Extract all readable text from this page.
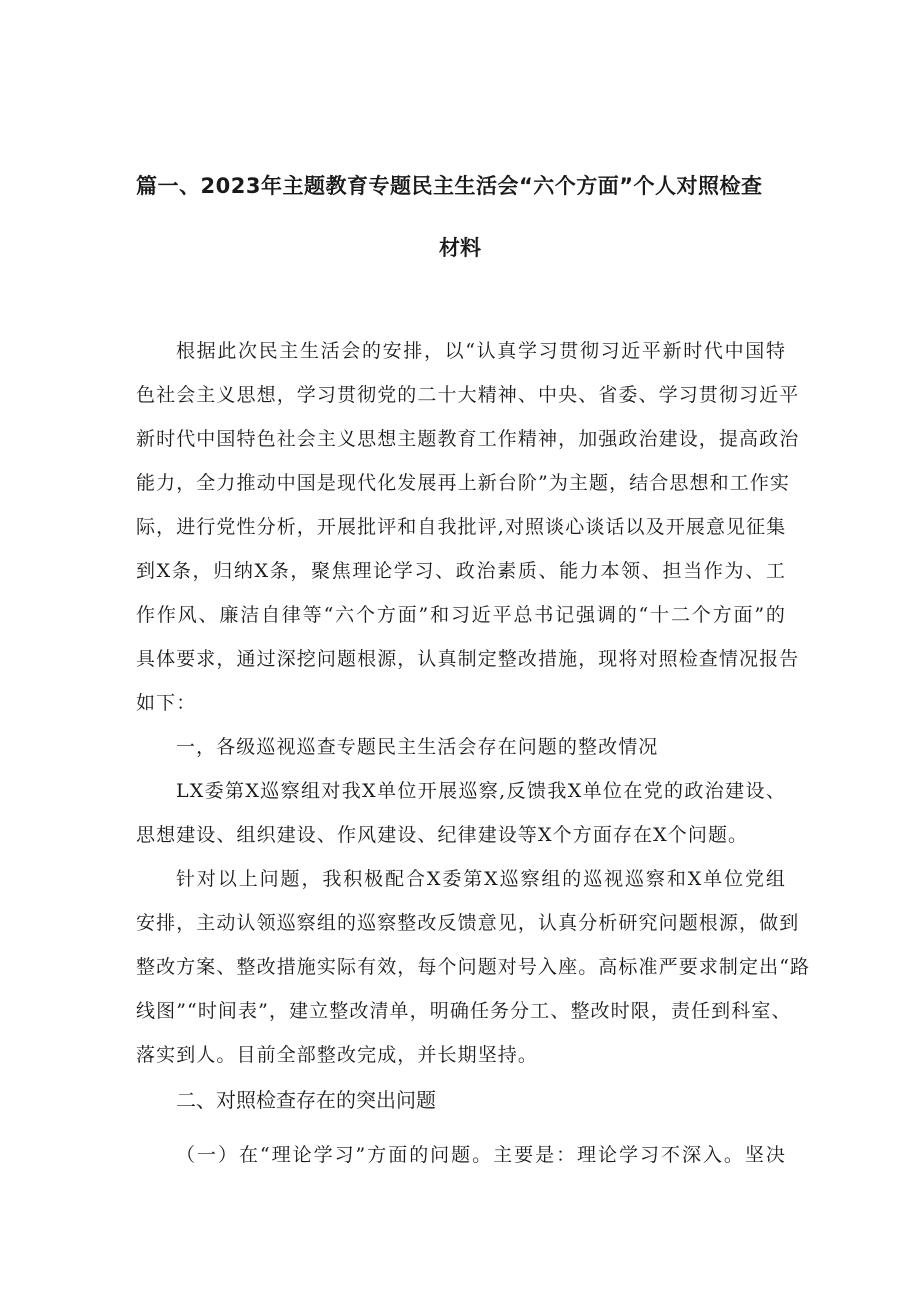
篇一、2023年主题教育专题民主生活会“六个方面”个人对照检查
材料
根据此次民主生活会的安排，以“认真学习贯彻习近平新时代中国特
色社会主义思想，学习贯彻党的二十大精神、中央、省委、学习贯彻习近平
新时代中国特色社会主义思想主题教育工作精神，加强政治建设，提高政治
能力，全力推动中国是现代化发展再上新台阶”为主题，结合思想和工作实
际，进行党性分析，开展批评和自我批评,对照谈心谈话以及开展意见征集
到X条，归纳X条，聚焦理论学习、政治素质、能力本领、担当作为、工
作作风、廉洁自律等“六个方面”和习近平总书记强调的“十二个方面”的
具体要求，通过深挖问题根源，认真制定整改措施，现将对照检查情况报告
如下：
一，各级巡视巡查专题民主生活会存在问题的整改情况
LX委第X巡察组对我X单位开展巡察,反馈我X单位在党的政治建设、
思想建设、组织建设、作风建设、纪律建设等X个方面存在X个问题。
针对以上问题，我积极配合X委第X巡察组的巡视巡察和X单位党组
安排，主动认领巡察组的巡察整改反馈意见，认真分析研究问题根源，做到
整改方案、整改措施实际有效，每个问题对号入座。高标准严要求制定出“路
线图”“时间表”，建立整改清单，明确任务分工、整改时限，责任到科室、
落实到人。目前全部整改完成，并长期坚持。
二、对照检查存在的突出问题
（一）在“理论学习”方面的问题。主要是：理论学习不深入。坚决
